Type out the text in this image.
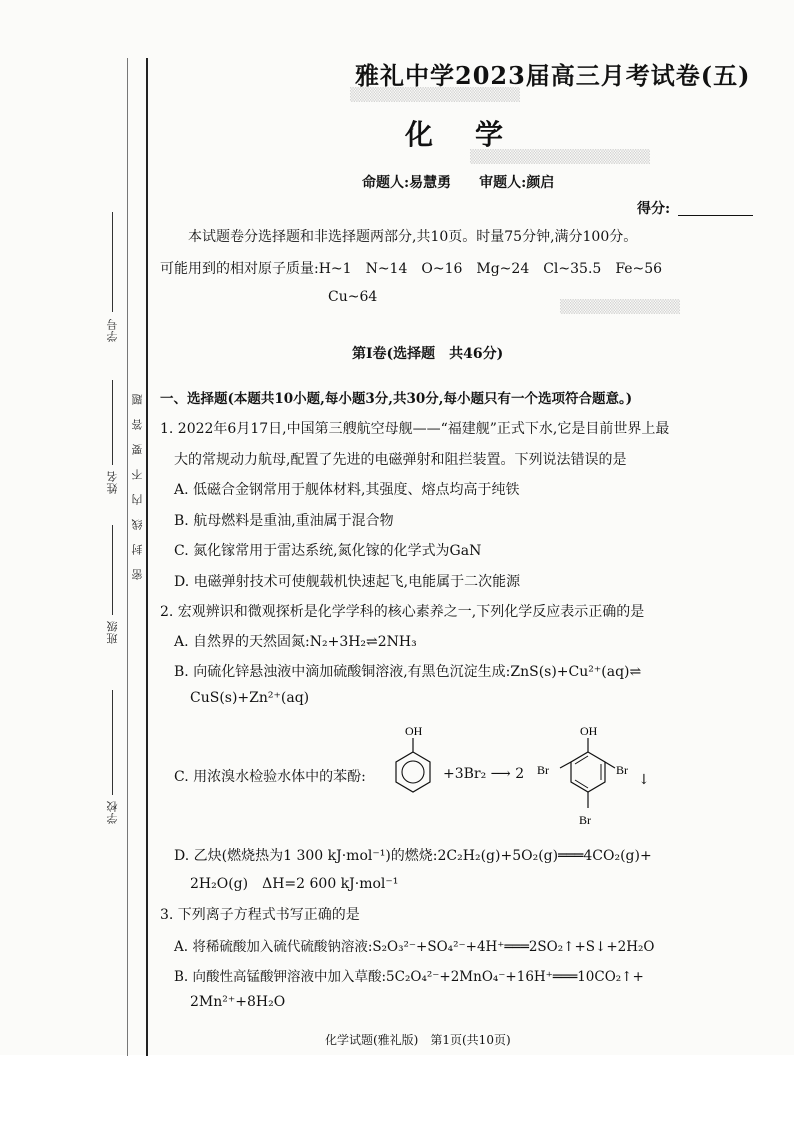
学号
姓名
班级
学校
密封线内不要答题
▒▒▒▒▒▒▒▒▒▒▒▒▒▒▒▒▒
▒▒▒▒▒▒▒▒▒▒▒▒▒▒▒▒▒▒
▒▒▒▒▒▒▒▒▒▒▒▒
雅礼中学2023届高三月考试卷(五)
化学
命题人:易慧勇　　审题人:颜启
得分:
本试题卷分选择题和非选择题两部分,共10页。时量75分钟,满分100分。
可能用到的相对原子质量:H~1　N~14　O~16　Mg~24　Cl~35.5　Fe~56
Cu~64
第Ⅰ卷(选择题　共46分)
一、选择题(本题共10小题,每小题3分,共30分,每小题只有一个选项符合题意。)
1. 2022年6月17日,中国第三艘航空母舰——“福建舰”正式下水,它是目前世界上最
大的常规动力航母,配置了先进的电磁弹射和阻拦装置。下列说法错误的是
A. 低磁合金钢常用于舰体材料,其强度、熔点均高于纯铁
B. 航母燃料是重油,重油属于混合物
C. 氮化镓常用于雷达系统,氮化镓的化学式为GaN
D. 电磁弹射技术可使舰载机快速起飞,电能属于二次能源
2. 宏观辨识和微观探析是化学学科的核心素养之一,下列化学反应表示正确的是
A. 自然界的天然固氮:N₂+3H₂⇌2NH₃
B. 向硫化锌悬浊液中滴加硫酸铜溶液,有黑色沉淀生成:ZnS(s)+Cu²⁺(aq)⇌
CuS(s)+Zn²⁺(aq)
C. 用浓溴水检验水体中的苯酚:
OH
+3Br₂ ⟶ 2
OH
Br	Br
Br
↓
D. 乙炔(燃烧热为1 300 kJ·mol⁻¹)的燃烧:2C₂H₂(g)+5O₂(g)═══4CO₂(g)+
2H₂O(g)　ΔH=2 600 kJ·mol⁻¹
3. 下列离子方程式书写正确的是
A. 将稀硫酸加入硫代硫酸钠溶液:S₂O₃²⁻+SO₄²⁻+4H⁺═══2SO₂↑+S↓+2H₂O
B. 向酸性高锰酸钾溶液中加入草酸:5C₂O₄²⁻+2MnO₄⁻+16H⁺═══10CO₂↑+
2Mn²⁺+8H₂O
化学试题(雅礼版)　第1页(共10页)
